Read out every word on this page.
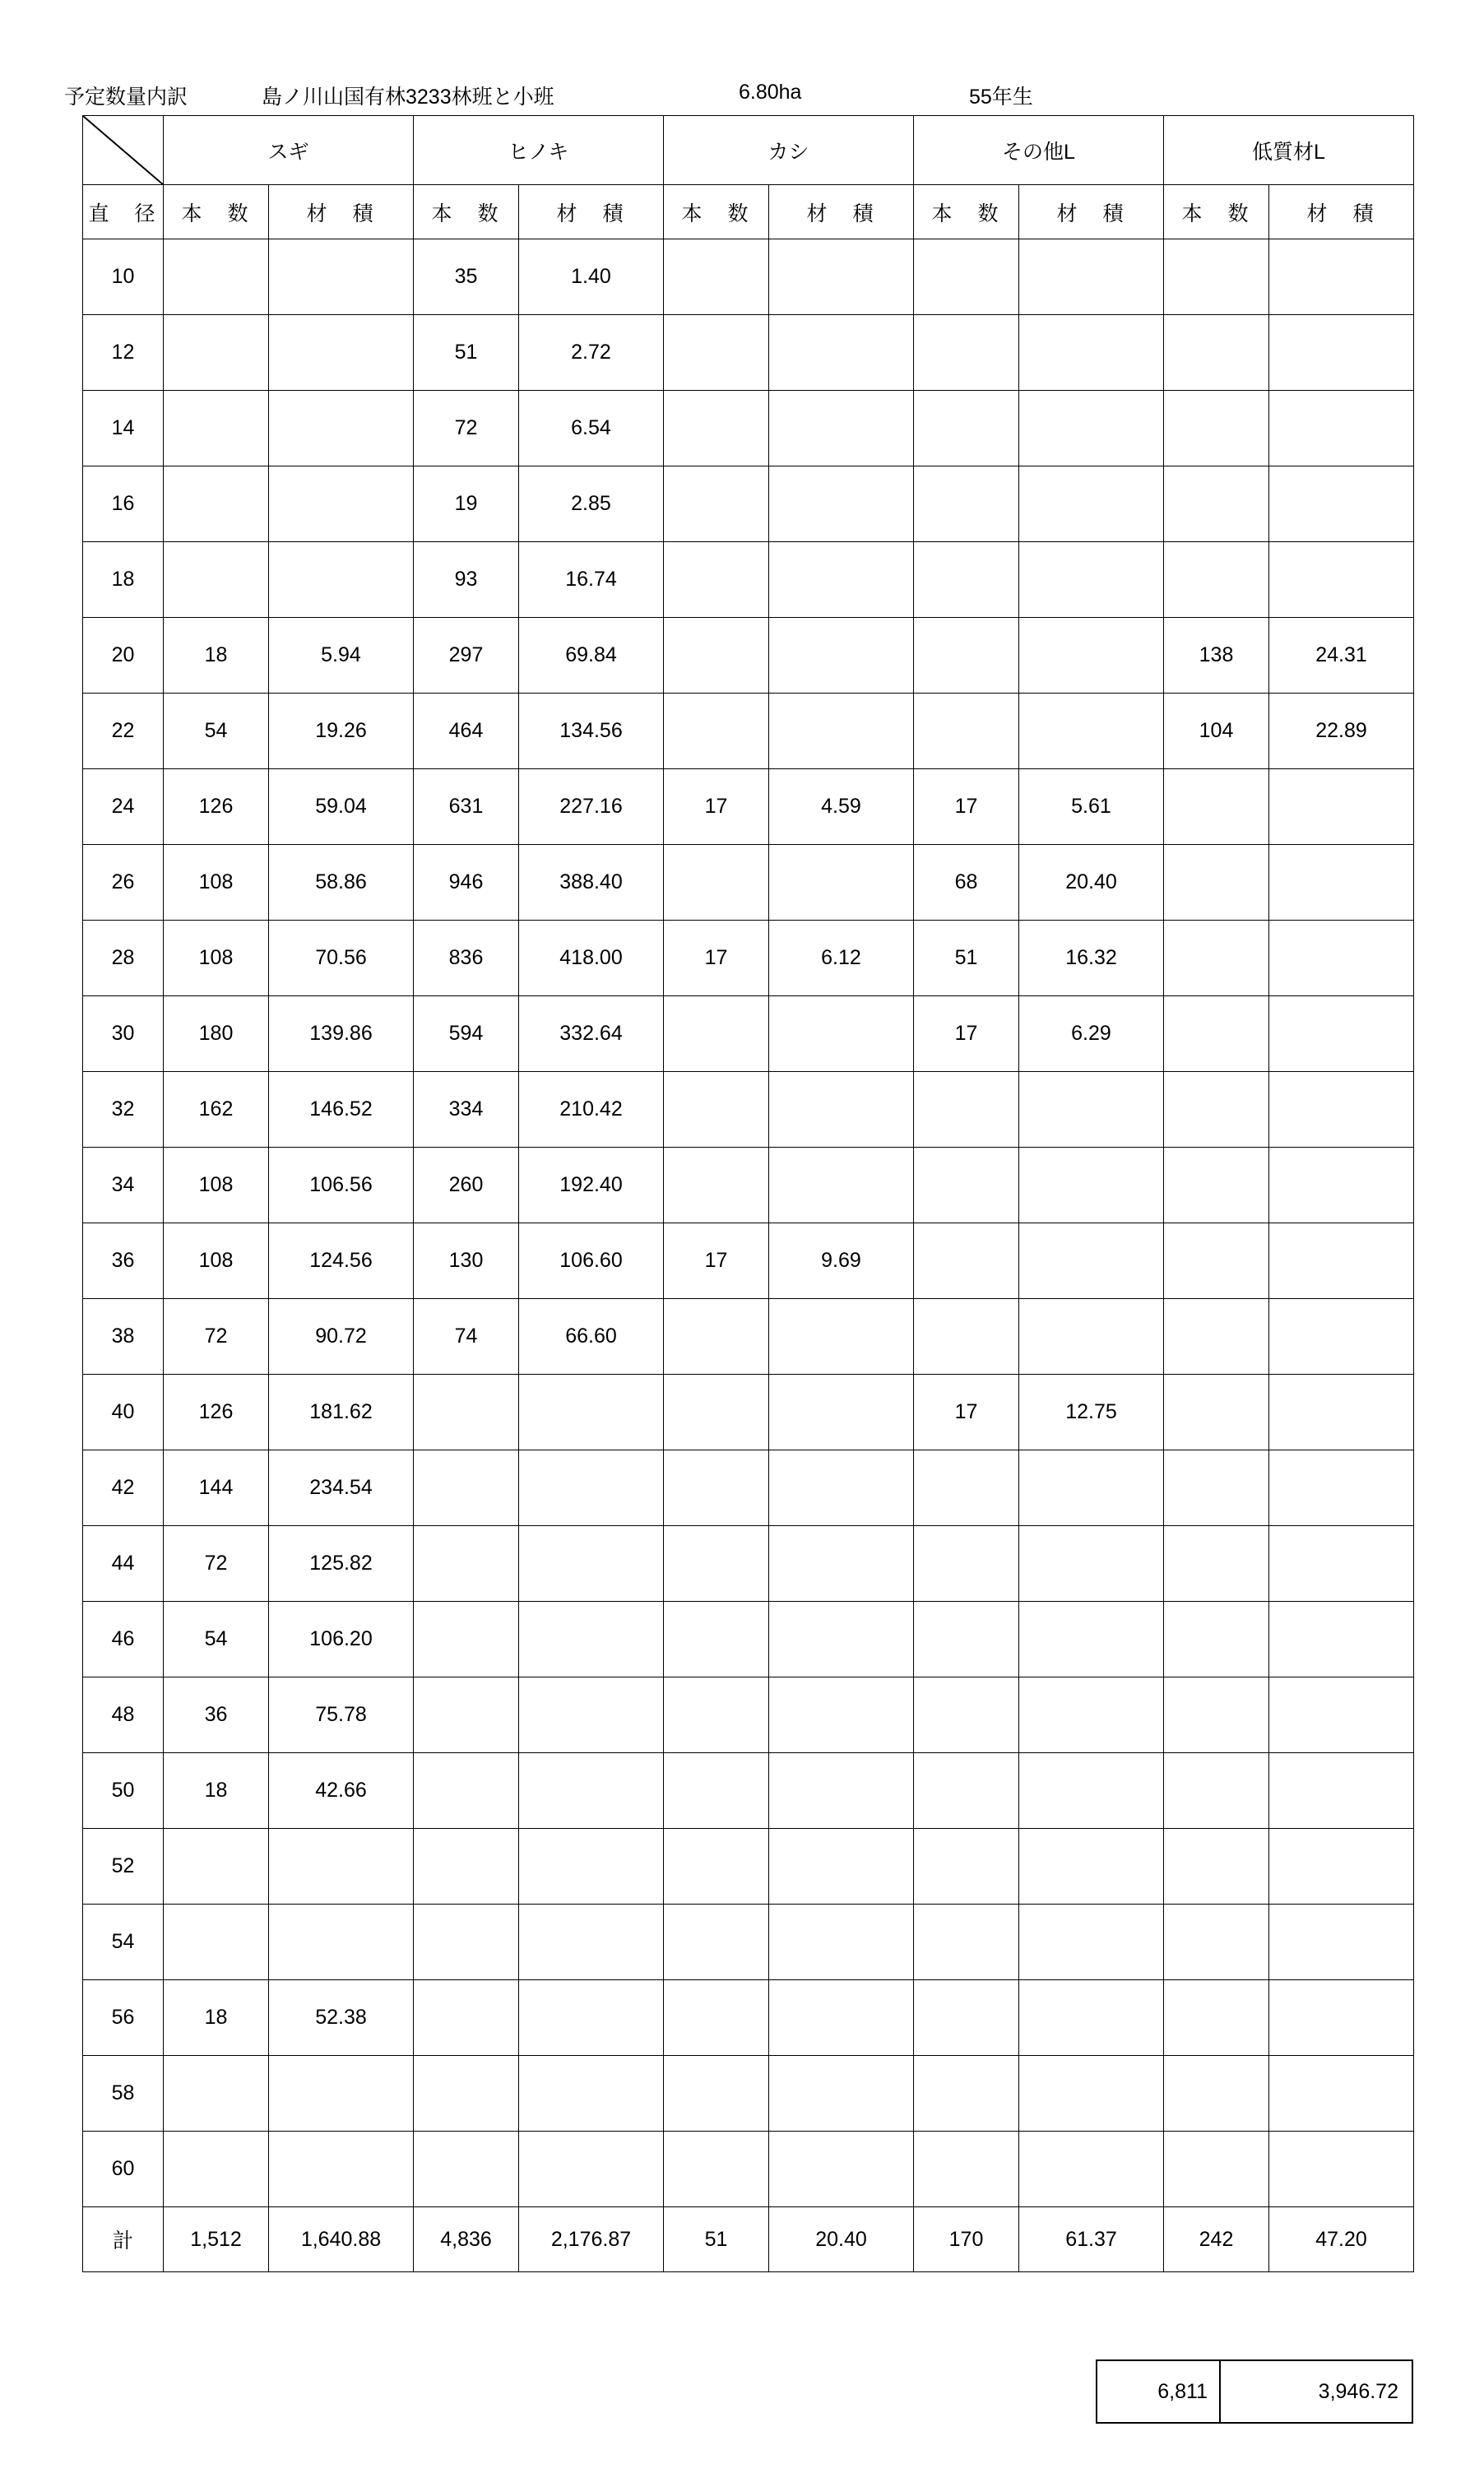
予定数量内訳	島ノ川山国有林3233林班と小班	6.80ha	55年生
	スギ		ヒノキ		カシ		その他L		低質材L	
直　径	本　数	材　積	本　数	材　積	本　数	材　積	本　数	材　積	本　数	材　積
10			35	1.40						
12			51	2.72						
14			72	6.54						
16			19	2.85						
18			93	16.74						
20	18	5.94	297	69.84					138	24.31
22	54	19.26	464	134.56					104	22.89
24	126	59.04	631	227.16	17	4.59	17	5.61		
26	108	58.86	946	388.40			68	20.40		
28	108	70.56	836	418.00	17	6.12	51	16.32		
30	180	139.86	594	332.64			17	6.29		
32	162	146.52	334	210.42						
34	108	106.56	260	192.40						
36	108	124.56	130	106.60	17	9.69				
38	72	90.72	74	66.60						
40	126	181.62					17	12.75		
42	144	234.54								
44	72	125.82								
46	54	106.20								
48	36	75.78								
50	18	42.66								
52										
54										
56	18	52.38								
58										
60										
計	1,512	1,640.88	4,836	2,176.87	51	20.40	170	61.37	242	47.20
6,811	3,946.72
